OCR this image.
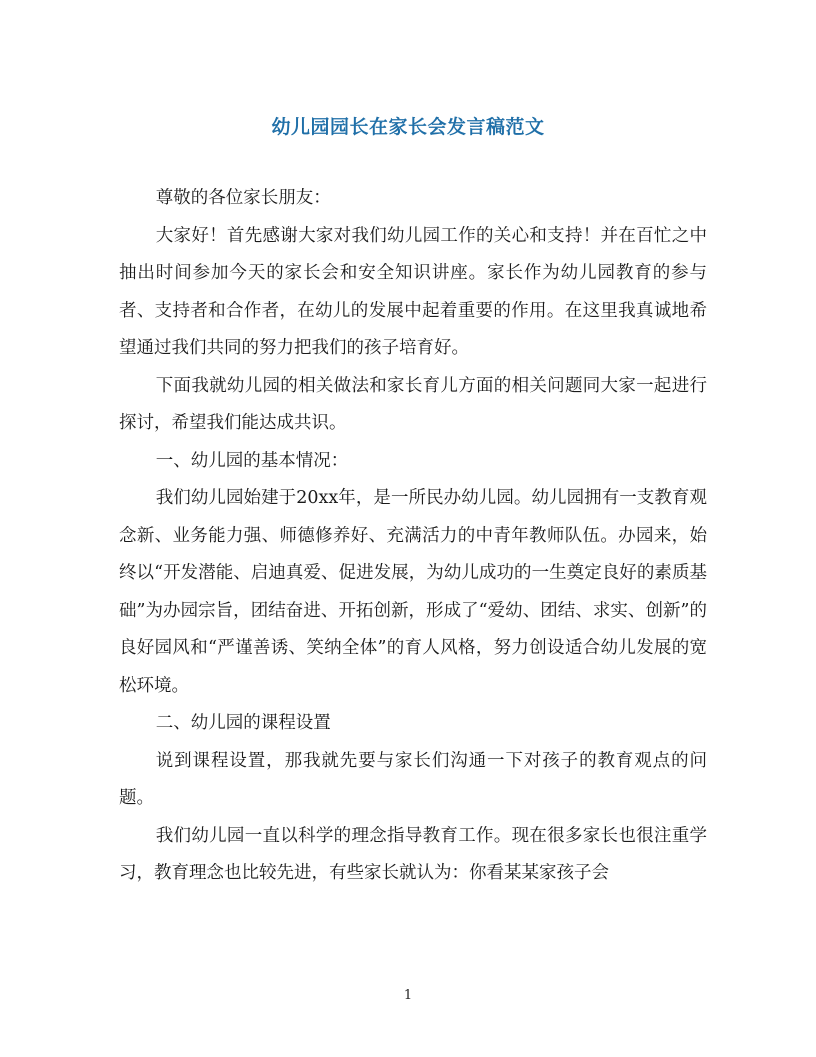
幼儿园园长在家长会发言稿范文

尊敬的各位家长朋友：

大家好！首先感谢大家对我们幼儿园工作的关心和支持！并在百忙之中抽出时间参加今天的家长会和安全知识讲座。家长作为幼儿园教育的参与者、支持者和合作者，在幼儿的发展中起着重要的作用。在这里我真诚地希望通过我们共同的努力把我们的孩子培育好。

下面我就幼儿园的相关做法和家长育儿方面的相关问题同大家一起进行探讨，希望我们能达成共识。

一、幼儿园的基本情况：

我们幼儿园始建于20xx年，是一所民办幼儿园。幼儿园拥有一支教育观念新、业务能力强、师德修养好、充满活力的中青年教师队伍。办园来，始终以“开发潜能、启迪真爱、促进发展，为幼儿成功的一生奠定良好的素质基础”为办园宗旨，团结奋进、开拓创新，形成了“爱幼、团结、求实、创新”的良好园风和“严谨善诱、笑纳全体”的育人风格，努力创设适合幼儿发展的宽松环境。

二、幼儿园的课程设置

说到课程设置，那我就先要与家长们沟通一下对孩子的教育观点的问题。

我们幼儿园一直以科学的理念指导教育工作。现在很多家长也很注重学习，教育理念也比较先进，有些家长就认为：你看某某家孩子会

1
